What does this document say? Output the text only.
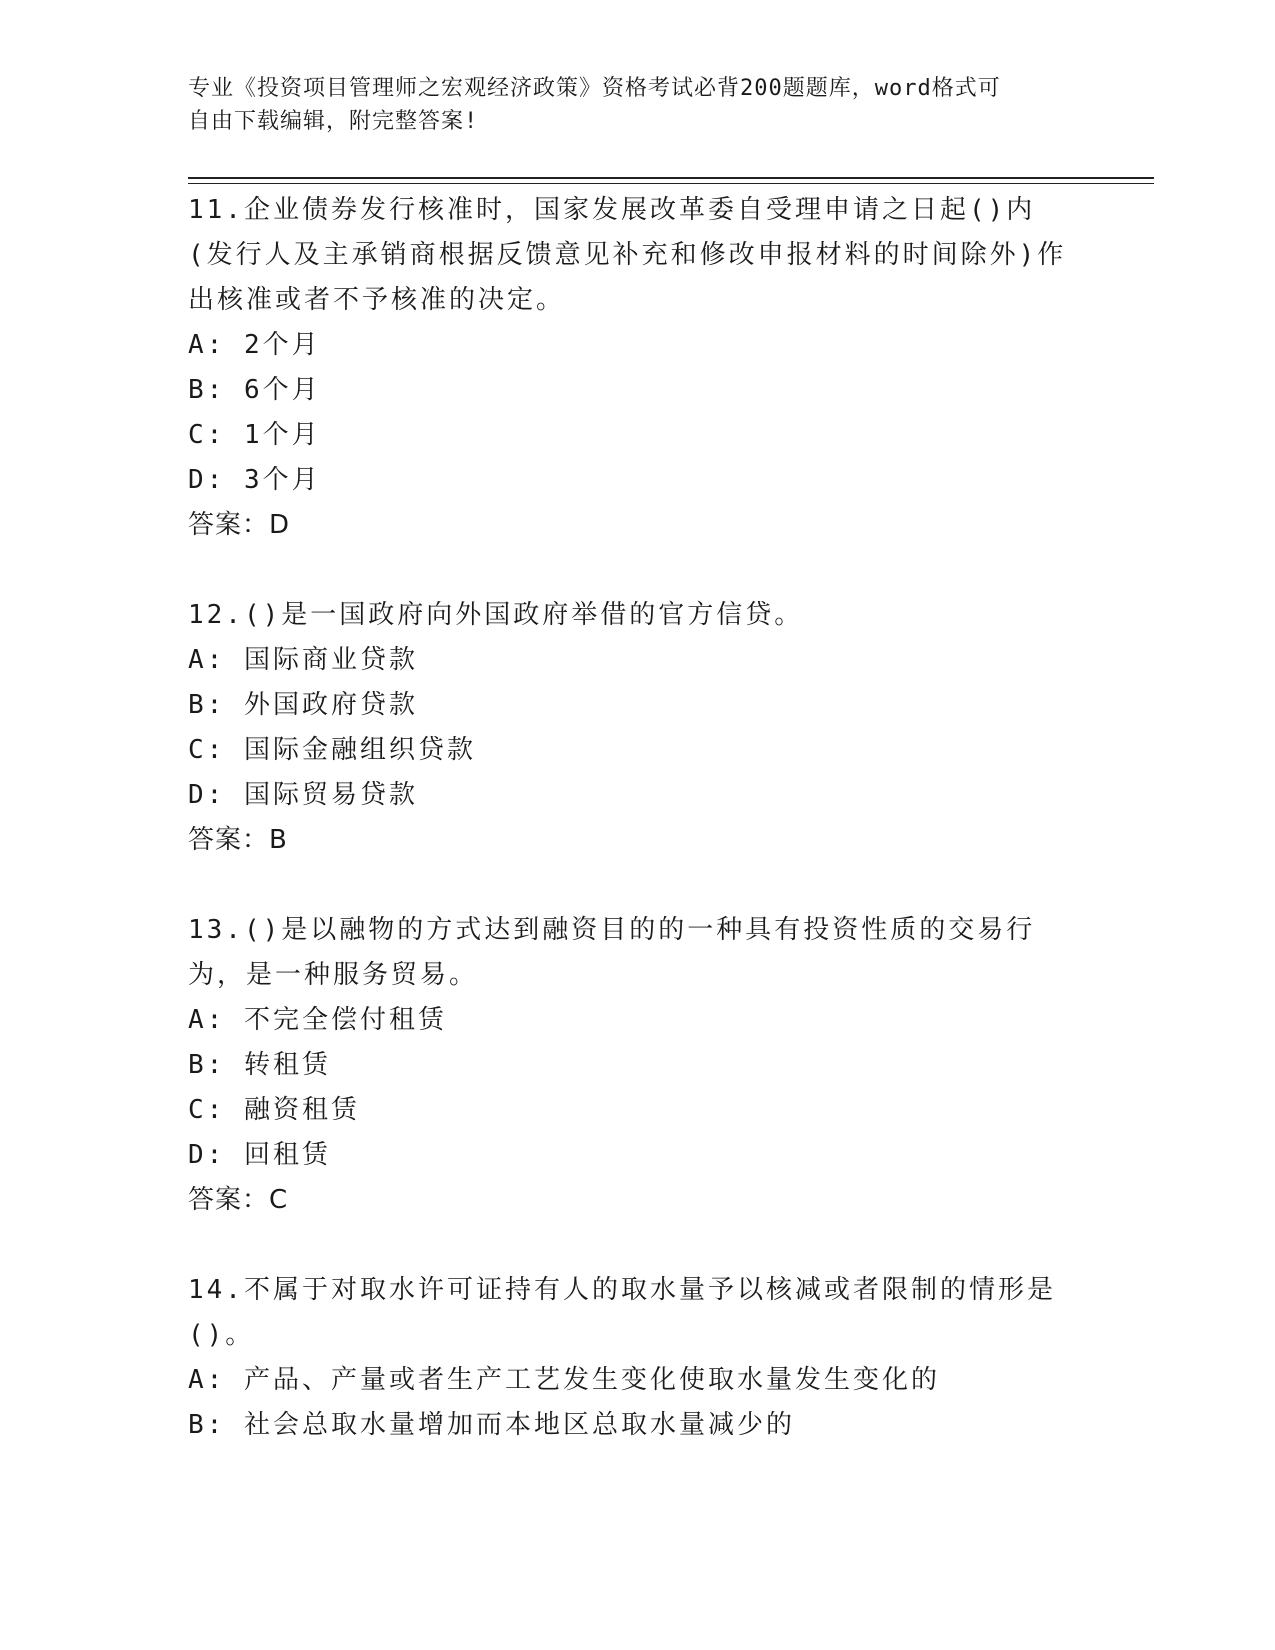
专业《投资项目管理师之宏观经济政策》资格考试必背200题题库，word格式可
自由下载编辑，附完整答案!

11.企业债券发行核准时，国家发展改革委自受理申请之日起()内(发行人及主承销商根据反馈意见补充和修改申报材料的时间除外)作出核准或者不予核准的决定。

A: 2个月

B: 6个月

C: 1个月

D: 3个月

答案：D

12.()是一国政府向外国政府举借的官方信贷。

A: 国际商业贷款

B: 外国政府贷款

C: 国际金融组织贷款

D: 国际贸易贷款

答案：B

13.()是以融物的方式达到融资目的的一种具有投资性质的交易行为，是一种服务贸易。

A: 不完全偿付租赁

B: 转租赁

C: 融资租赁

D: 回租赁

答案：C

14.不属于对取水许可证持有人的取水量予以核减或者限制的情形是()。

A: 产品、产量或者生产工艺发生变化使取水量发生变化的

B: 社会总取水量增加而本地区总取水量减少的
